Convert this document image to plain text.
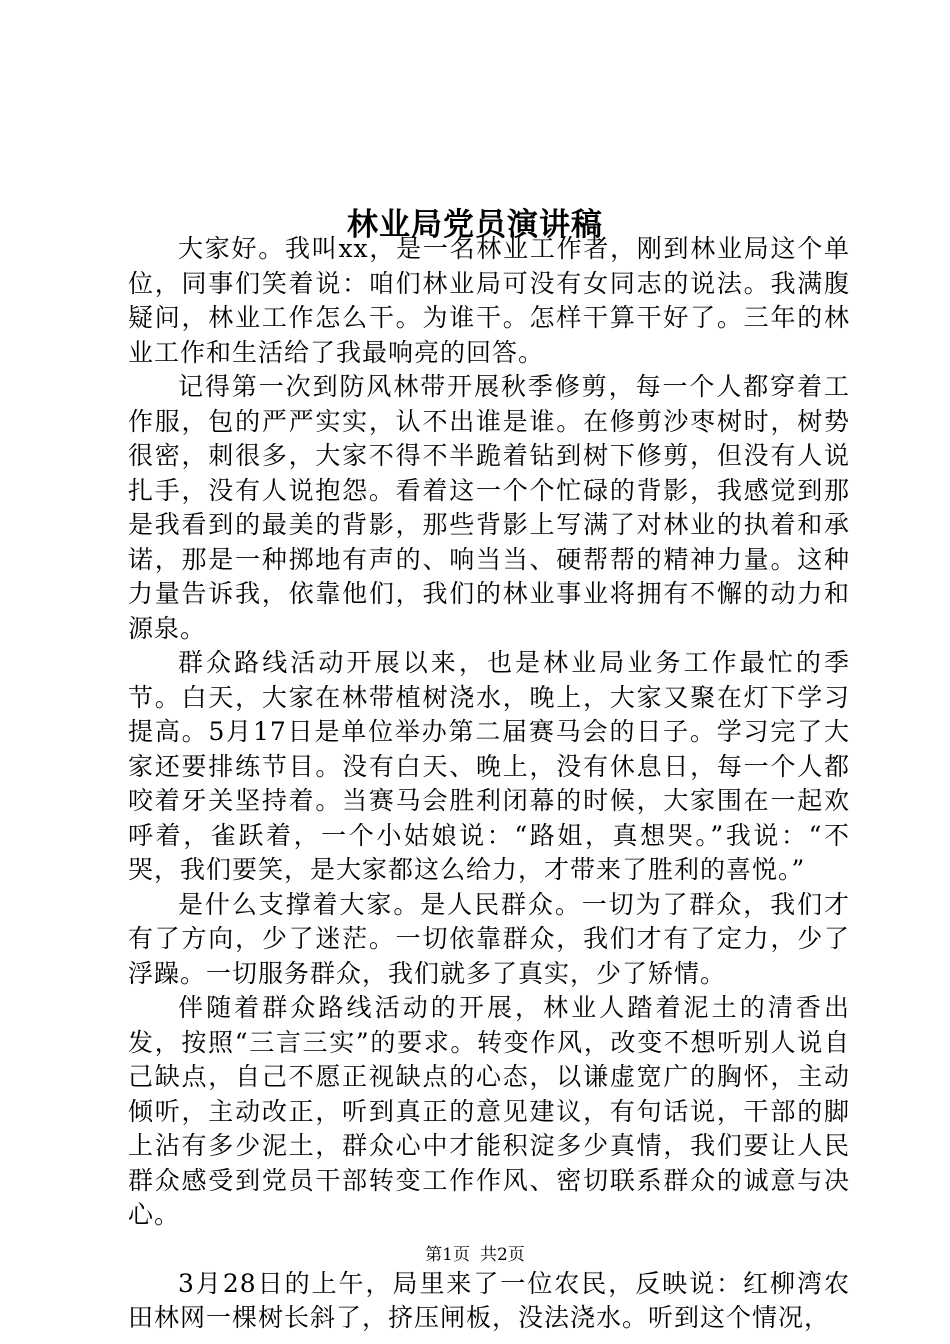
林业局党员演讲稿

大家好。我叫xx，是一名林业工作者，刚到林业局这个单位，同事们笑着说：咱们林业局可没有女同志的说法。我满腹疑问，林业工作怎么干。为谁干。怎样干算干好了。三年的林业工作和生活给了我最响亮的回答。

记得第一次到防风林带开展秋季修剪，每一个人都穿着工作服，包的严严实实，认不出谁是谁。在修剪沙枣树时，树势很密，刺很多，大家不得不半跪着钻到树下修剪，但没有人说扎手，没有人说抱怨。看着这一个个忙碌的背影，我感觉到那是我看到的最美的背影，那些背影上写满了对林业的执着和承诺，那是一种掷地有声的、响当当、硬帮帮的精神力量。这种力量告诉我，依靠他们，我们的林业事业将拥有不懈的动力和源泉。

群众路线活动开展以来，也是林业局业务工作最忙的季节。白天，大家在林带植树浇水，晚上，大家又聚在灯下学习提高。5月17日是单位举办第二届赛马会的日子。学习完了大家还要排练节目。没有白天、晚上，没有休息日，每一个人都咬着牙关坚持着。当赛马会胜利闭幕的时候，大家围在一起欢呼着，雀跃着，一个小姑娘说：“路姐，真想哭。”我说：“不哭，我们要笑，是大家都这么给力，才带来了胜利的喜悦。”

是什么支撑着大家。是人民群众。一切为了群众，我们才有了方向，少了迷茫。一切依靠群众，我们才有了定力，少了浮躁。一切服务群众，我们就多了真实，少了矫情。

伴随着群众路线活动的开展，林业人踏着泥土的清香出发，按照“三言三实”的要求。转变作风，改变不想听别人说自己缺点，自己不愿正视缺点的心态，以谦虚宽广的胸怀，主动倾听，主动改正，听到真正的意见建议，有句话说，干部的脚上沾有多少泥土，群众心中才能积淀多少真情，我们要让人民群众感受到党员干部转变工作作风、密切联系群众的诚意与决心。

3月28日的上午，局里来了一位农民，反映说：红柳湾农田林网一棵树长斜了，挤压闸板，没法浇水。听到这个情况，

第1页 共2页
